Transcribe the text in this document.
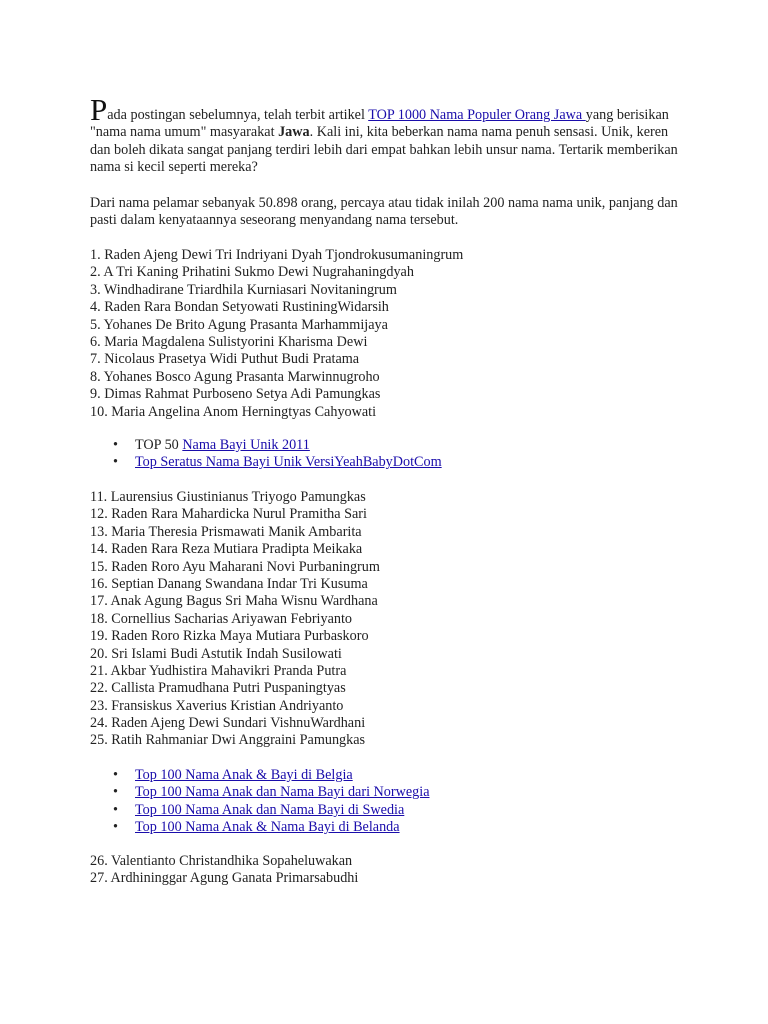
Pada postingan sebelumnya, telah terbit artikel TOP 1000 Nama Populer Orang Jawa yang berisikan "nama nama umum" masyarakat Jawa. Kali ini, kita beberkan nama nama penuh sensasi. Unik, keren dan boleh dikata sangat panjang terdiri lebih dari empat bahkan lebih unsur nama. Tertarik memberikan nama si kecil seperti mereka?

Dari nama pelamar sebanyak 50.898 orang, percaya atau tidak inilah 200 nama nama unik, panjang dan pasti dalam kenyataannya seseorang menyandang nama tersebut.

1. Raden Ajeng Dewi Tri Indriyani Dyah Tjondrokusumaningrum
2. A Tri Kaning Prihatini Sukmo Dewi Nugrahaningdyah
3. Windhadirane Triardhila Kurniasari Novitaningrum
4. Raden Rara Bondan Setyowati RustiningWidarsih
5. Yohanes De Brito Agung Prasanta Marhammijaya
6. Maria Magdalena Sulistyorini Kharisma Dewi
7. Nicolaus Prasetya Widi Puthut Budi Pratama
8. Yohanes Bosco Agung Prasanta Marwinnugroho
9. Dimas Rahmat Purboseno Setya Adi Pamungkas
10. Maria Angelina Anom Herningtyas Cahyowati
• TOP 50 Nama Bayi Unik 2011
• Top Seratus Nama Bayi Unik VersiYeahBabyDotCom
11. Laurensius Giustinianus Triyogo Pamungkas
12. Raden Rara Mahardicka Nurul Pramitha Sari
13. Maria Theresia Prismawati Manik Ambarita
14. Raden Rara Reza Mutiara Pradipta Meikaka
15. Raden Roro Ayu Maharani Novi Purbaningrum
16. Septian Danang Swandana Indar Tri Kusuma
17. Anak Agung Bagus Sri Maha Wisnu Wardhana
18. Cornellius Sacharias Ariyawan Febriyanto
19. Raden Roro Rizka Maya Mutiara Purbaskoro
20. Sri Islami Budi Astutik Indah Susilowati
21. Akbar Yudhistira Mahavikri Pranda Putra
22. Callista Pramudhana Putri Puspaningtyas
23. Fransiskus Xaverius Kristian Andriyanto
24. Raden Ajeng Dewi Sundari VishnuWardhani
25. Ratih Rahmaniar Dwi Anggraini Pamungkas
• Top 100 Nama Anak & Bayi di Belgia
• Top 100 Nama Anak dan Nama Bayi dari Norwegia
• Top 100 Nama Anak dan Nama Bayi di Swedia
• Top 100 Nama Anak & Nama Bayi di Belanda
26. Valentianto Christandhika Sopaheluwakan
27. Ardhininggar Agung Ganata Primarsabudhi
